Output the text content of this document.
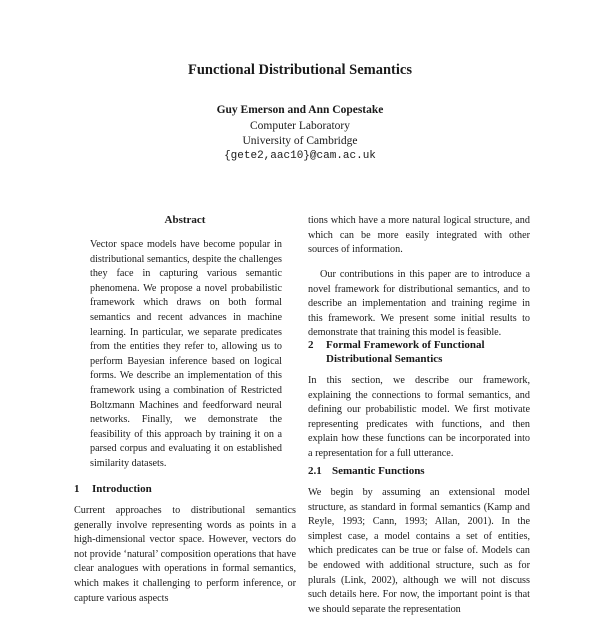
Functional Distributional Semantics
Guy Emerson and Ann Copestake
Computer Laboratory
University of Cambridge
{gete2,aac10}@cam.ac.uk
Abstract
Vector space models have become popular in distributional semantics, despite the challenges they face in capturing various semantic phenomena. We propose a novel probabilistic framework which draws on both formal semantics and recent advances in machine learning. In particular, we separate predicates from the entities they refer to, allowing us to perform Bayesian inference based on logical forms. We describe an implementation of this framework using a combination of Restricted Boltzmann Machines and feedforward neural networks. Finally, we demonstrate the feasibility of this approach by training it on a parsed corpus and evaluating it on established similarity datasets.
1 Introduction
Current approaches to distributional semantics generally involve representing words as points in a high-dimensional vector space. However, vectors do not provide ‘natural’ composition operations that have clear analogues with operations in formal semantics, which makes it challenging to perform inference, or capture various aspects
tions which have a more natural logical structure, and which can be more easily integrated with other sources of information.
Our contributions in this paper are to introduce a novel framework for distributional semantics, and to describe an implementation and training regime in this framework. We present some initial results to demonstrate that training this model is feasible.
2 Formal Framework of Functional
Distributional Semantics
In this section, we describe our framework, explaining the connections to formal semantics, and defining our probabilistic model. We first motivate representing predicates with functions, and then explain how these functions can be incorporated into a representation for a full utterance.
2.1 Semantic Functions
We begin by assuming an extensional model structure, as standard in formal semantics (Kamp and Reyle, 1993; Cann, 1993; Allan, 2001). In the simplest case, a model contains a set of entities, which predicates can be true or false of. Models can be endowed with additional structure, such as for plurals (Link, 2002), although we will not discuss such details here. For now, the important point is that we should separate the representation
